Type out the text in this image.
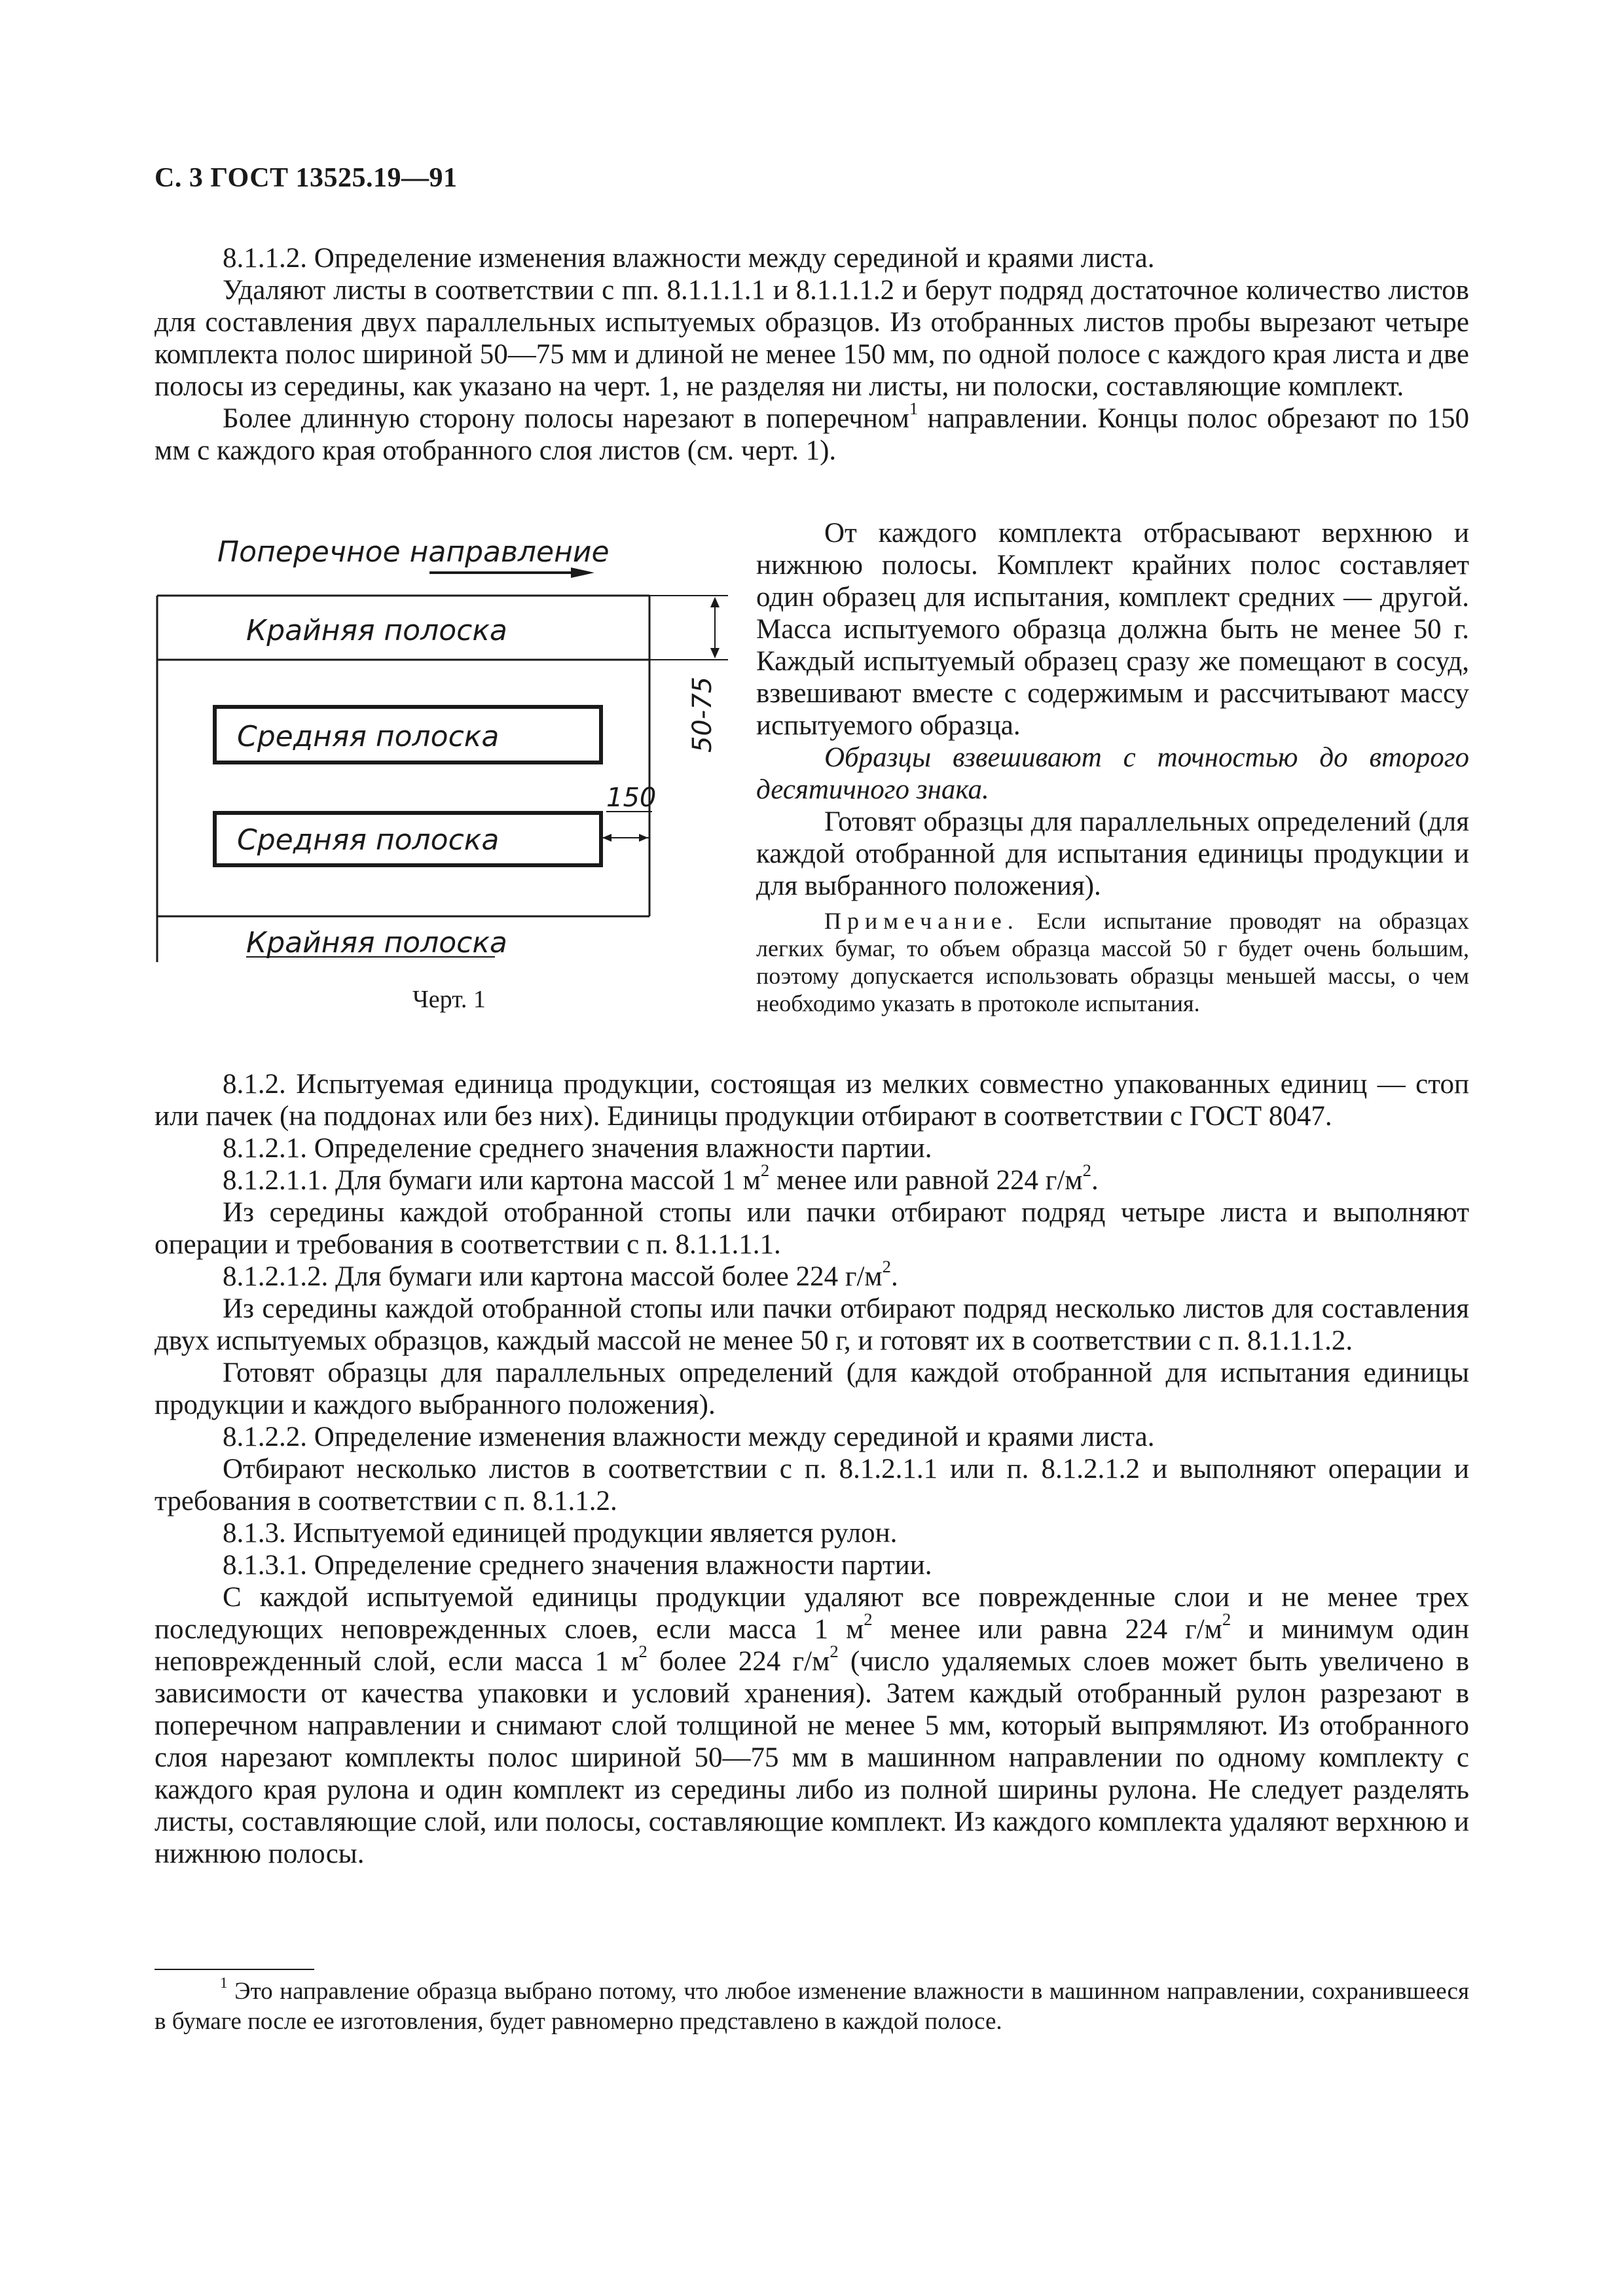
С. 3 ГОСТ 13525.19—91

8.1.1.2. Определение изменения влажности между серединой и краями листа.

Удаляют листы в соответствии с пп. 8.1.1.1.1 и 8.1.1.1.2 и берут подряд достаточное количество листов для составления двух параллельных испытуемых образцов. Из отобранных листов пробы вырезают четыре комплекта полос шириной 50—75 мм и длиной не менее 150 мм, по одной полосе с каждого края листа и две полосы из середины, как указано на черт. 1, не разделяя ни листы, ни полоски, составляющие комплект.

Более длинную сторону полосы нарезают в поперечном$^1$ направлении. Концы полос обрезают по 150 мм с каждого края отобранного слоя листов (см. черт. 1).

Поперечное направление
Крайняя полоска
Средняя полоска
Средняя полоска
Крайняя полоска
50-75
150
Черт. 1

От каждого комплекта отбрасывают верхнюю и нижнюю полосы. Комплект крайних полос составляет один образец для испытания, комплект средних — другой. Масса испытуемого образца должна быть не менее 50 г. Каждый испытуемый образец сразу же помещают в сосуд, взвешивают вместе с содержимым и рассчитывают массу испытуемого образца.

Образцы взвешивают с точностью до второго десятичного знака.

Готовят образцы для параллельных определений (для каждой отобранной для испытания единицы продукции и для выбранного положения).

Примечание. Если испытание проводят на образцах легких бумаг, то объем образца массой 50 г будет очень большим, поэтому допускается использовать образцы меньшей массы, о чем необходимо указать в протоколе испытания.

8.1.2. Испытуемая единица продукции, состоящая из мелких совместно упакованных единиц — стоп или пачек (на поддонах или без них). Единицы продукции отбирают в соответствии с ГОСТ 8047.

8.1.2.1. Определение среднего значения влажности партии.

8.1.2.1.1. Для бумаги или картона массой 1 $м^2$ менее или равной 224 $г/м^2$.

Из середины каждой отобранной стопы или пачки отбирают подряд четыре листа и выполняют операции и требования в соответствии с п. 8.1.1.1.1.

8.1.2.1.2. Для бумаги или картона массой более 224 $г/м^2$.

Из середины каждой отобранной стопы или пачки отбирают подряд несколько листов для составления двух испытуемых образцов, каждый массой не менее 50 г, и готовят их в соответствии с п. 8.1.1.1.2.

Готовят образцы для параллельных определений (для каждой отобранной для испытания единицы продукции и каждого выбранного положения).

8.1.2.2. Определение изменения влажности между серединой и краями листа.

Отбирают несколько листов в соответствии с п. 8.1.2.1.1 или п. 8.1.2.1.2 и выполняют операции и требования в соответствии с п. 8.1.1.2.

8.1.3. Испытуемой единицей продукции является рулон.

8.1.3.1. Определение среднего значения влажности партии.

С каждой испытуемой единицы продукции удаляют все поврежденные слои и не менее трех последующих неповрежденных слоев, если масса 1 $м^2$ менее или равна 224 $г/м^2$ и минимум один неповрежденный слой, если масса 1 $м^2$ более 224 $г/м^2$ (число удаляемых слоев может быть увеличено в зависимости от качества упаковки и условий хранения). Затем каждый отобранный рулон разрезают в поперечном направлении и снимают слой толщиной не менее 5 мм, который выпрямляют. Из отобранного слоя нарезают комплекты полос шириной 50—75 мм в машинном направлении по одному комплекту с каждого края рулона и один комплект из середины либо из полной ширины рулона. Не следует разделять листы, составляющие слой, или полосы, составляющие комплект. Из каждого комплекта удаляют верхнюю и нижнюю полосы.

$^1$ Это направление образца выбрано потому, что любое изменение влажности в машинном направлении, сохранившееся в бумаге после ее изготовления, будет равномерно представлено в каждой полосе.
